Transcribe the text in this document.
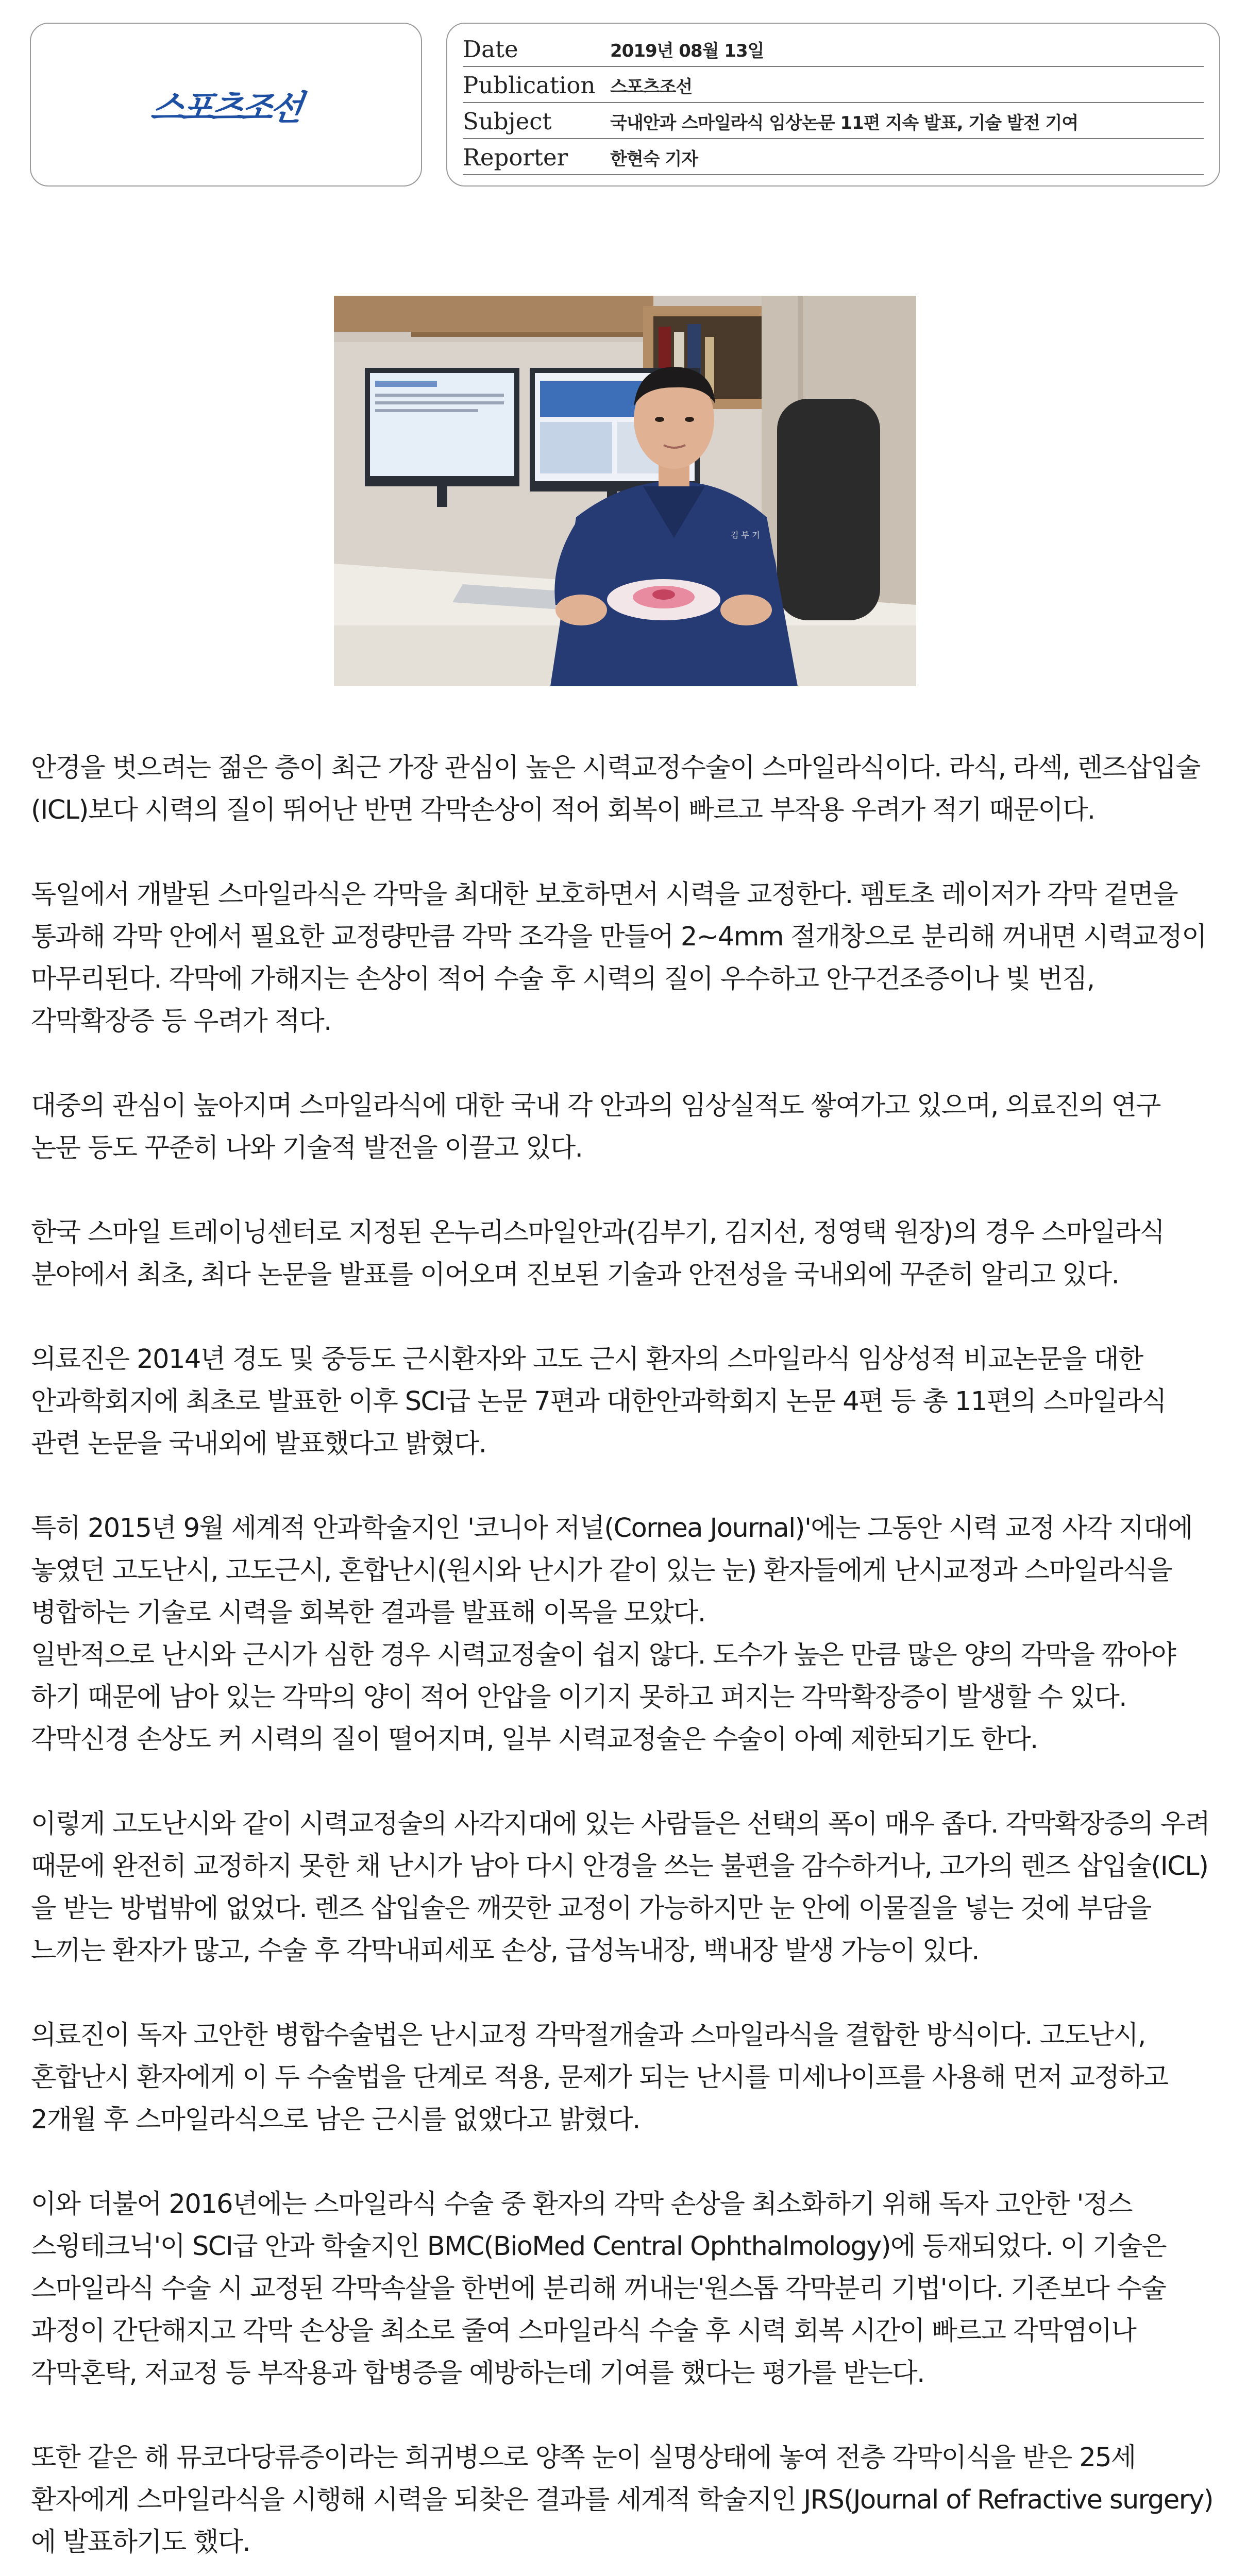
스포츠조선
Date	2019년 08월 13일
Publication 스포츠조선
Subject	국내안과 스마일라식 임상논문 11편 지속 발표, 기술 발전 기여
Reporter 한현숙 기자
김 부 기

안경을 벗으려는 젊은 층이 최근 가장 관심이 높은 시력교정수술이 스마일라식이다. 라식, 라섹, 렌즈삽입술(ICL)보다 시력의 질이 뛰어난 반면 각막손상이 적어 회복이 빠르고 부작용 우려가 적기 때문이다.

독일에서 개발된 스마일라식은 각막을 최대한 보호하면서 시력을 교정한다. 펨토초 레이저가 각막 겉면을 통과해 각막 안에서 필요한 교정량만큼 각막 조각을 만들어 2~4mm 절개창으로 분리해 꺼내면 시력교정이 마무리된다. 각막에 가해지는 손상이 적어 수술 후 시력의 질이 우수하고 안구건조증이나 빛 번짐, 각막확장증 등 우려가 적다.

대중의 관심이 높아지며 스마일라식에 대한 국내 각 안과의 임상실적도 쌓여가고 있으며, 의료진의 연구 논문 등도 꾸준히 나와 기술적 발전을 이끌고 있다.

한국 스마일 트레이닝센터로 지정된 온누리스마일안과(김부기, 김지선, 정영택 원장)의 경우 스마일라식 분야에서 최초, 최다 논문을 발표를 이어오며 진보된 기술과 안전성을 국내외에 꾸준히 알리고 있다.

의료진은 2014년 경도 및 중등도 근시환자와 고도 근시 환자의 스마일라식 임상성적 비교논문을 대한 안과학회지에 최초로 발표한 이후 SCI급 논문 7편과 대한안과학회지 논문 4편 등 총 11편의 스마일라식 관련 논문을 국내외에 발표했다고 밝혔다.

특히 2015년 9월 세계적 안과학술지인 '코니아 저널(Cornea Journal)'에는 그동안 시력 교정 사각 지대에 놓였던 고도난시, 고도근시, 혼합난시(원시와 난시가 같이 있는 눈) 환자들에게 난시교정과 스마일라식을 병합하는 기술로 시력을 회복한 결과를 발표해 이목을 모았다.

일반적으로 난시와 근시가 심한 경우 시력교정술이 쉽지 않다. 도수가 높은 만큼 많은 양의 각막을 깎아야 하기 때문에 남아 있는 각막의 양이 적어 안압을 이기지 못하고 퍼지는 각막확장증이 발생할 수 있다. 각막신경 손상도 커 시력의 질이 떨어지며, 일부 시력교정술은 수술이 아예 제한되기도 한다.

이렇게 고도난시와 같이 시력교정술의 사각지대에 있는 사람들은 선택의 폭이 매우 좁다. 각막확장증의 우려 때문에 완전히 교정하지 못한 채 난시가 남아 다시 안경을 쓰는 불편을 감수하거나, 고가의 렌즈 삽입술(ICL)을 받는 방법밖에 없었다. 렌즈 삽입술은 깨끗한 교정이 가능하지만 눈 안에 이물질을 넣는 것에 부담을 느끼는 환자가 많고, 수술 후 각막내피세포 손상, 급성녹내장, 백내장 발생 가능이 있다.

의료진이 독자 고안한 병합수술법은 난시교정 각막절개술과 스마일라식을 결합한 방식이다. 고도난시, 혼합난시 환자에게 이 두 수술법을 단계로 적용, 문제가 되는 난시를 미세나이프를 사용해 먼저 교정하고 2개월 후 스마일라식으로 남은 근시를 없앴다고 밝혔다.

이와 더불어 2016년에는 스마일라식 수술 중 환자의 각막 손상을 최소화하기 위해 독자 고안한 '정스 스윙테크닉'이 SCI급 안과 학술지인 BMC(BioMed Central Ophthalmology)에 등재되었다. 이 기술은 스마일라식 수술 시 교정된 각막속살을 한번에 분리해 꺼내는'원스톱 각막분리 기법'이다. 기존보다 수술 과정이 간단해지고 각막 손상을 최소로 줄여 스마일라식 수술 후 시력 회복 시간이 빠르고 각막염이나 각막혼탁, 저교정 등 부작용과 합병증을 예방하는데 기여를 했다는 평가를 받는다.

또한 같은 해 뮤코다당류증이라는 희귀병으로 양쪽 눈이 실명상태에 놓여 전층 각막이식을 받은 25세 환자에게 스마일라식을 시행해 시력을 되찾은 결과를 세계적 학술지인 JRS(Journal of Refractive surgery)에 발표하기도 했다.
